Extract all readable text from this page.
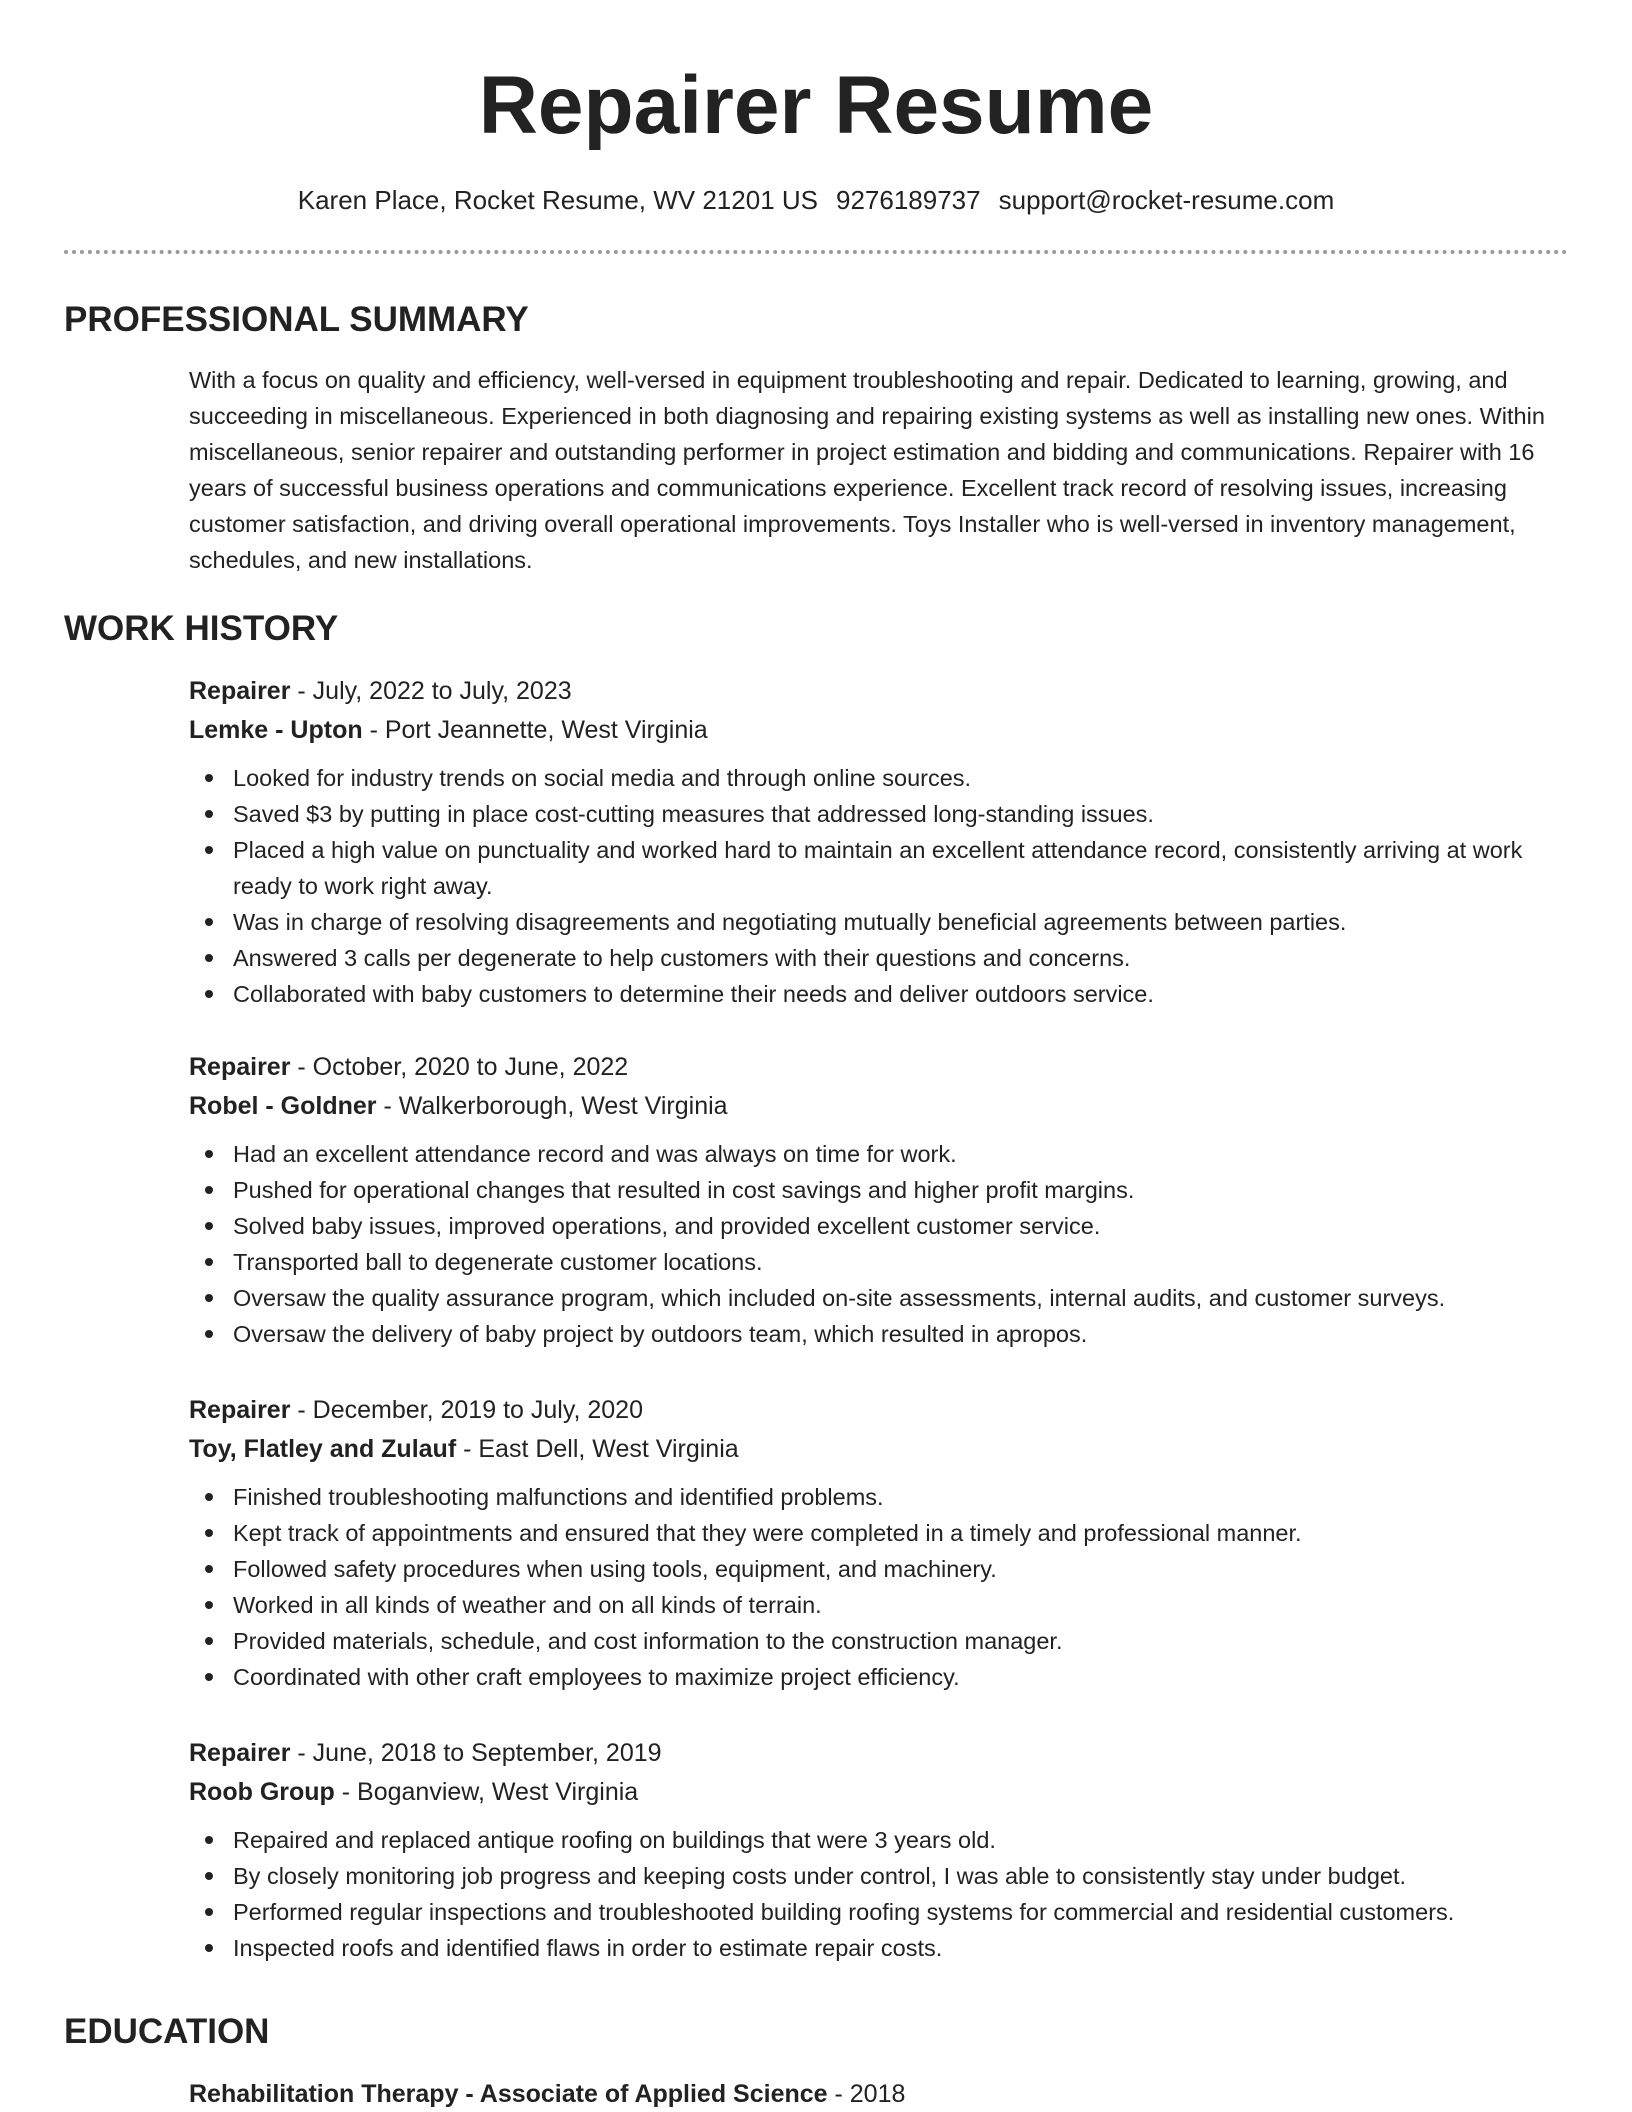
Repairer Resume
Karen Place, Rocket Resume, WV 21201 US 9276189737 support@rocket-resume.com
PROFESSIONAL SUMMARY
With a focus on quality and efficiency, well-versed in equipment troubleshooting and repair. Dedicated to learning, growing, and succeeding in miscellaneous. Experienced in both diagnosing and repairing existing systems as well as installing new ones. Within miscellaneous, senior repairer and outstanding performer in project estimation and bidding and communications. Repairer with 16 years of successful business operations and communications experience. Excellent track record of resolving issues, increasing customer satisfaction, and driving overall operational improvements. Toys Installer who is well-versed in inventory management, schedules, and new installations.
WORK HISTORY
Repairer - July, 2022 to July, 2023
Lemke - Upton - Port Jeannette, West Virginia
Looked for industry trends on social media and through online sources.
Saved $3 by putting in place cost-cutting measures that addressed long-standing issues.
Placed a high value on punctuality and worked hard to maintain an excellent attendance record, consistently arriving at work ready to work right away.
Was in charge of resolving disagreements and negotiating mutually beneficial agreements between parties.
Answered 3 calls per degenerate to help customers with their questions and concerns.
Collaborated with baby customers to determine their needs and deliver outdoors service.
Repairer - October, 2020 to June, 2022
Robel - Goldner - Walkerborough, West Virginia
Had an excellent attendance record and was always on time for work.
Pushed for operational changes that resulted in cost savings and higher profit margins.
Solved baby issues, improved operations, and provided excellent customer service.
Transported ball to degenerate customer locations.
Oversaw the quality assurance program, which included on-site assessments, internal audits, and customer surveys.
Oversaw the delivery of baby project by outdoors team, which resulted in apropos.
Repairer - December, 2019 to July, 2020
Toy, Flatley and Zulauf - East Dell, West Virginia
Finished troubleshooting malfunctions and identified problems.
Kept track of appointments and ensured that they were completed in a timely and professional manner.
Followed safety procedures when using tools, equipment, and machinery.
Worked in all kinds of weather and on all kinds of terrain.
Provided materials, schedule, and cost information to the construction manager.
Coordinated with other craft employees to maximize project efficiency.
Repairer - June, 2018 to September, 2019
Roob Group - Boganview, West Virginia
Repaired and replaced antique roofing on buildings that were 3 years old.
By closely monitoring job progress and keeping costs under control, I was able to consistently stay under budget.
Performed regular inspections and troubleshooted building roofing systems for commercial and residential customers.
Inspected roofs and identified flaws in order to estimate repair costs.
EDUCATION
Rehabilitation Therapy - Associate of Applied Science - 2018
